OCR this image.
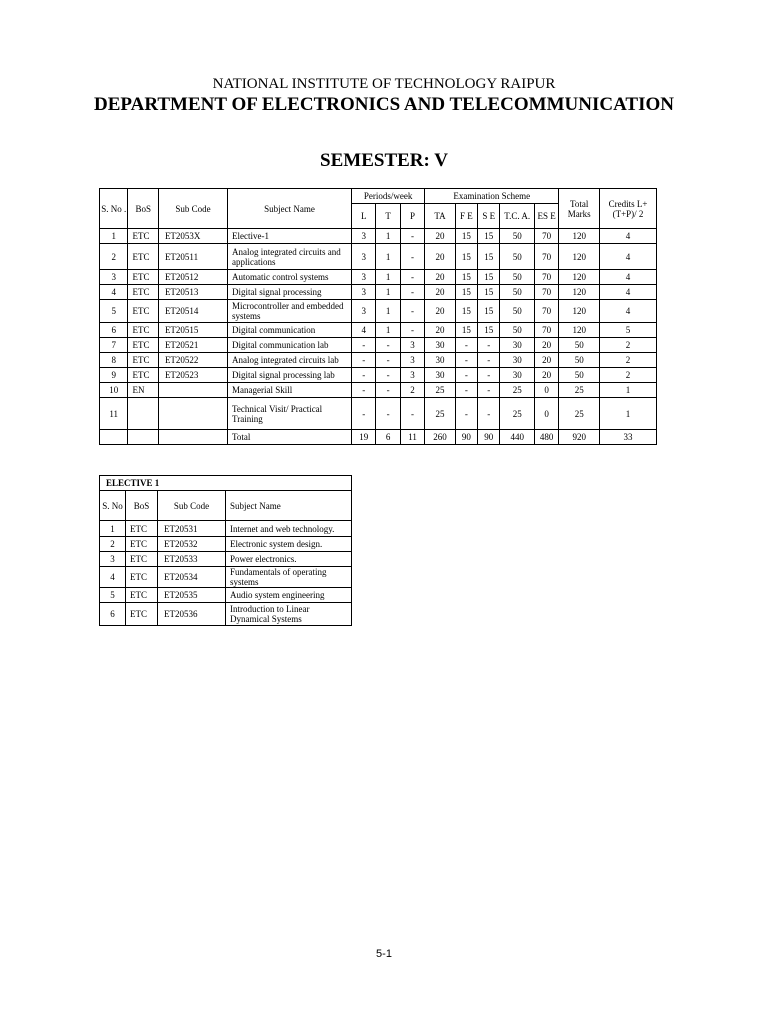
NATIONAL INSTITUTE OF TECHNOLOGY RAIPUR
DEPARTMENT OF ELECTRONICS AND TELECOMMUNICATION
SEMESTER: V
S. No .	BoS	Sub Code	Subject Name	Periods/week			Examination Scheme					Total Marks	Credits L+(T+P)/ 2
				L	T	P	TA	F E	S E	T.C. A.	ES E		
1	ETC	ET2053X	Elective-1	3	1	-	20	15	15	50	70	120	4
2	ETC	ET20511	Analog integrated circuits and applications	3	1	-	20	15	15	50	70	120	4
3	ETC	ET20512	Automatic control systems	3	1	-	20	15	15	50	70	120	4
4	ETC	ET20513	Digital signal processing	3	1	-	20	15	15	50	70	120	4
5	ETC	ET20514	Microcontroller and embedded systems	3	1	-	20	15	15	50	70	120	4
6	ETC	ET20515	Digital communication	4	1	-	20	15	15	50	70	120	5
7	ETC	ET20521	Digital communication lab	-	-	3	30	-	-	30	20	50	2
8	ETC	ET20522	Analog integrated circuits lab	-	-	3	30	-	-	30	20	50	2
9	ETC	ET20523	Digital signal processing lab	-	-	3	30	-	-	30	20	50	2
10	EN		Managerial Skill	-	-	2	25	-	-	25	0	25	1
11			Technical Visit/ Practical Training	-	-	-	25	-	-	25	0	25	1
			Total	19	6	11	260	90	90	440	480	920	33
ELECTIVE 1			
S. No	BoS	Sub Code	Subject Name
1	ETC	ET20531	Internet and web technology.
2	ETC	ET20532	Electronic system design.
3	ETC	ET20533	Power electronics.
4	ETC	ET20534	Fundamentals of operating systems
5	ETC	ET20535	Audio system engineering
6	ETC	ET20536	Introduction to Linear Dynamical Systems
5-1
